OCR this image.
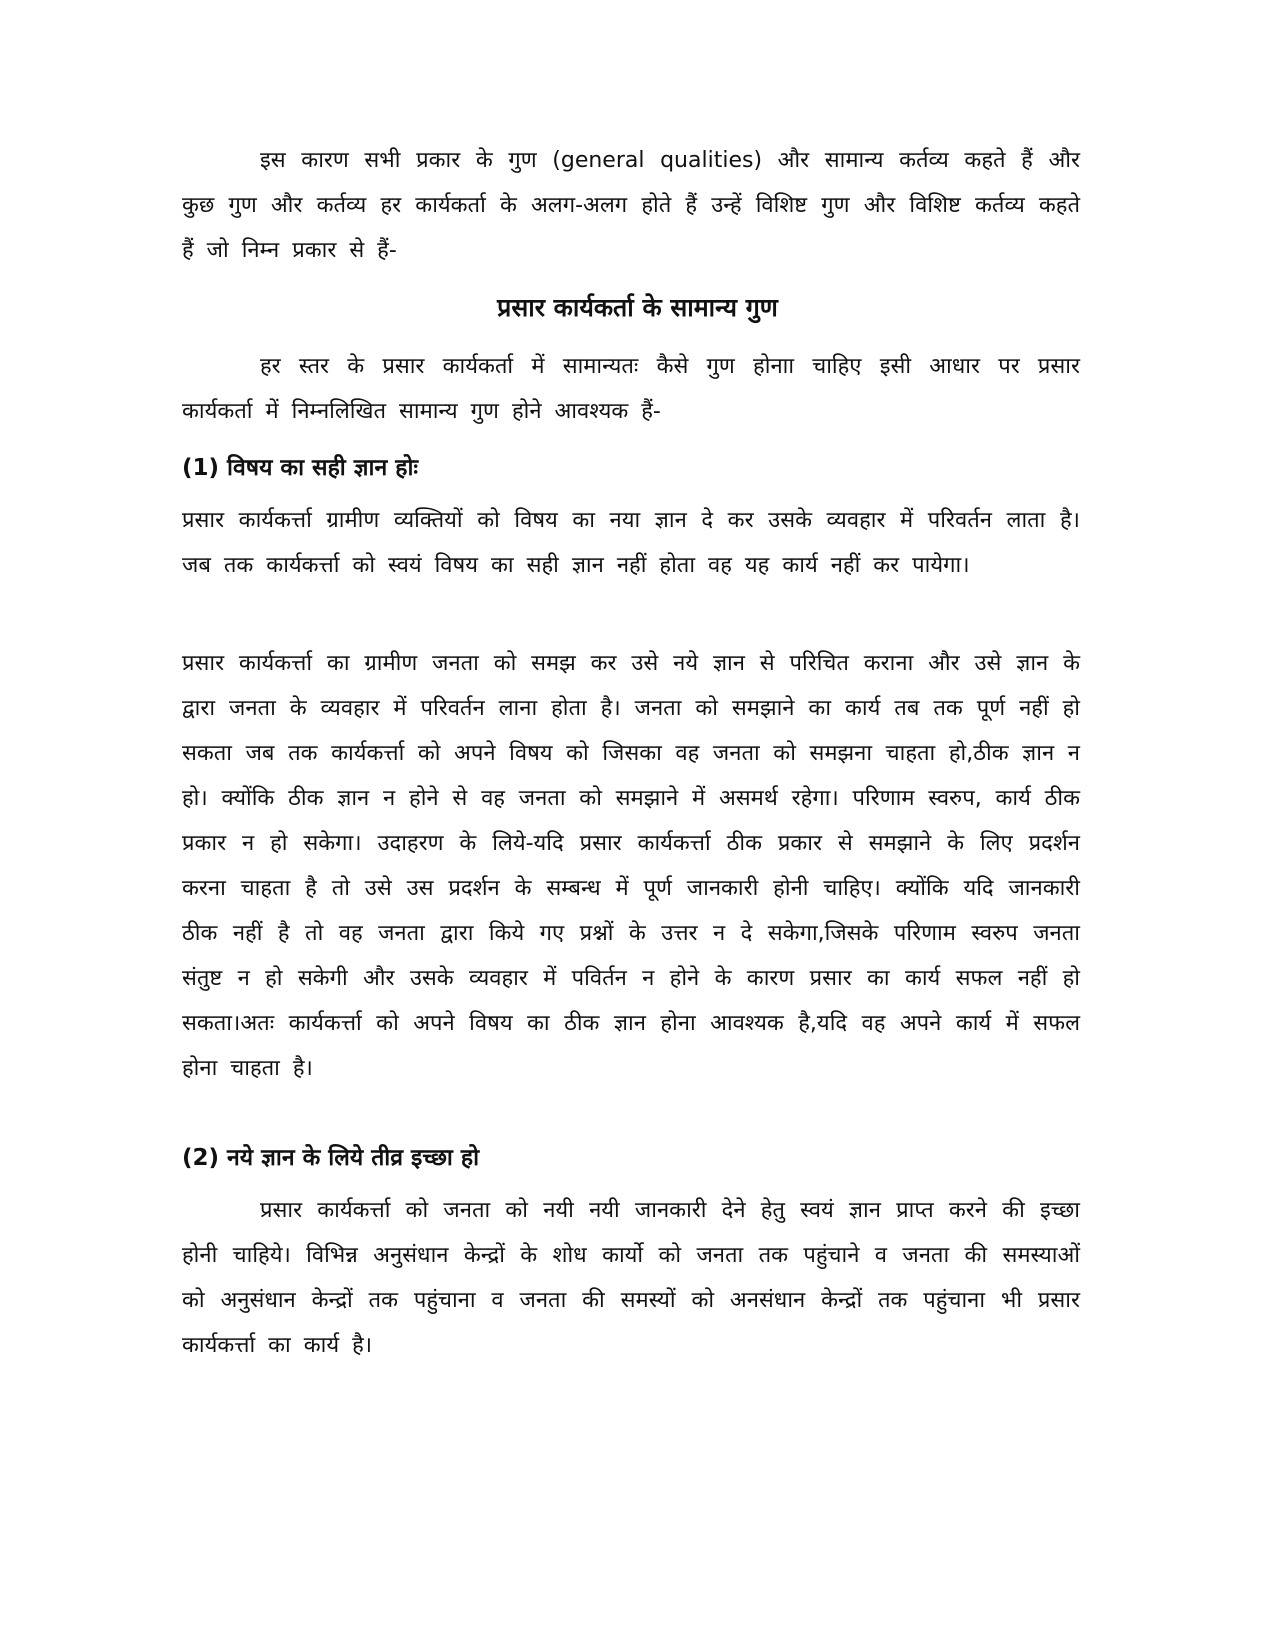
इस कारण सभी प्रकार के गुण (general qualities) और सामान्य कर्तव्य कहते हैं और कुछ गुण और कर्तव्य हर कार्यकर्ता के अलग-अलग होते हैं उन्हें विशिष्ट गुण और विशिष्ट कर्तव्य कहते हैं जो निम्न प्रकार से हैं-

प्रसार कार्यकर्ता के सामान्य गुण

हर स्तर के प्रसार कार्यकर्ता में सामान्यतः कैसे गुण होनाा चाहिए इसी आधार पर प्रसार कार्यकर्ता में निम्नलिखित सामान्य गुण होने आवश्यक हैं-

(1) विषय का सही ज्ञान होः

प्रसार कार्यकर्त्ता ग्रामीण व्यक्तियों को विषय का नया ज्ञान दे कर उसके व्यवहार में परिवर्तन लाता है। जब तक कार्यकर्त्ता को स्वयं विषय का सही ज्ञान नहीं होता वह यह कार्य नहीं कर पायेगा।

प्रसार कार्यकर्त्ता का ग्रामीण जनता को समझ कर उसे नये ज्ञान से परिचित कराना और उसे ज्ञान के द्वारा जनता के व्यवहार में परिवर्तन लाना होता है। जनता को समझाने का कार्य तब तक पूर्ण नहीं हो सकता जब तक कार्यकर्त्ता को अपने विषय को जिसका वह जनता को समझना चाहता हो,ठीक ज्ञान न हो। क्योंकि ठीक ज्ञान न होने से वह जनता को समझाने में असमर्थ रहेगा। परिणाम स्वरुप, कार्य ठीक प्रकार न हो सकेगा। उदाहरण के लिये-यदि प्रसार कार्यकर्त्ता ठीक प्रकार से समझाने के लिए प्रदर्शन करना चाहता है तो उसे उस प्रदर्शन के सम्बन्ध में पूर्ण जानकारी होनी चाहिए। क्योंकि यदि जानकारी ठीक नहीं है तो वह जनता द्वारा किये गए प्रश्नों के उत्तर न दे सकेगा,जिसके परिणाम स्वरुप जनता संतुष्ट न हो सकेगी और उसके व्यवहार में पविर्तन न होने के कारण प्रसार का कार्य सफल नहीं हो सकता।अतः कार्यकर्त्ता को अपने विषय का ठीक ज्ञान होना आवश्यक है,यदि वह अपने कार्य में सफल होना चाहता है।

(2) नये ज्ञान के लिये तीव्र इच्छा हो

प्रसार कार्यकर्त्ता को जनता को नयी नयी जानकारी देने हेतु स्वयं ज्ञान प्राप्त करने की इच्छा होनी चाहिये। विभिन्न अनुसंधान केन्द्रों के शोध कार्यो को जनता तक पहुंचाने व जनता की समस्याओं को अनुसंधान केन्द्रों तक पहुंचाना व जनता की समस्यों को अनसंधान केन्द्रों तक पहुंचाना भी प्रसार कार्यकर्त्ता का कार्य है।
